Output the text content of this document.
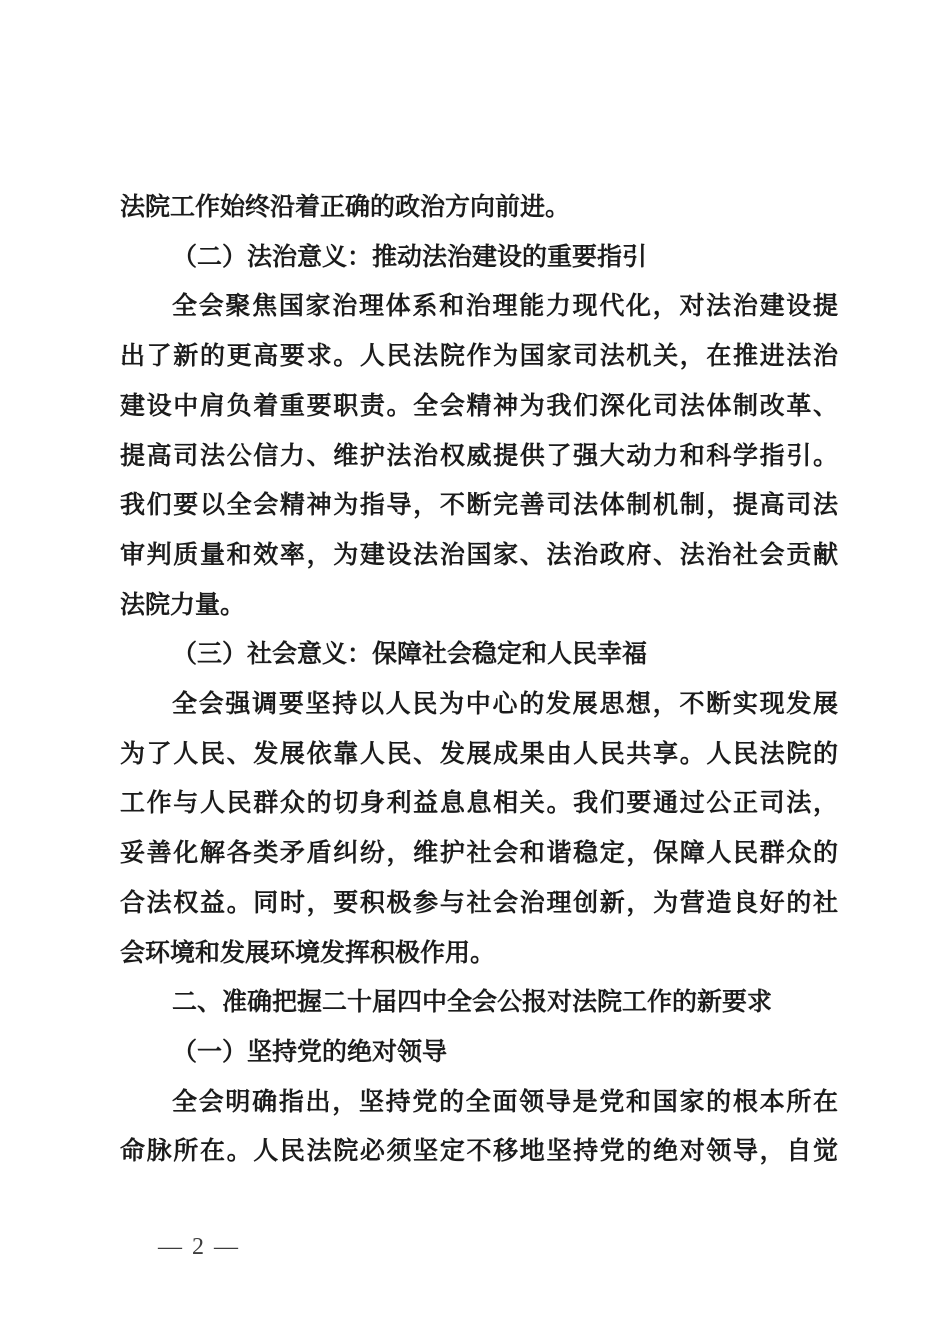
法院工作始终沿着正确的政治方向前进。
（二）法治意义：推动法治建设的重要指引
全会聚焦国家治理体系和治理能力现代化，对法治建设提
出了新的更高要求。人民法院作为国家司法机关，在推进法治
建设中肩负着重要职责。全会精神为我们深化司法体制改革、
提高司法公信力、维护法治权威提供了强大动力和科学指引。
我们要以全会精神为指导，不断完善司法体制机制，提高司法
审判质量和效率，为建设法治国家、法治政府、法治社会贡献
法院力量。
（三）社会意义：保障社会稳定和人民幸福
全会强调要坚持以人民为中心的发展思想，不断实现发展
为了人民、发展依靠人民、发展成果由人民共享。人民法院的
工作与人民群众的切身利益息息相关。我们要通过公正司法，
妥善化解各类矛盾纠纷，维护社会和谐稳定，保障人民群众的
合法权益。同时，要积极参与社会治理创新，为营造良好的社
会环境和发展环境发挥积极作用。
二、准确把握二十届四中全会公报对法院工作的新要求
（一）坚持党的绝对领导
全会明确指出，坚持党的全面领导是党和国家的根本所在
命脉所在。人民法院必须坚定不移地坚持党的绝对领导，自觉
— 2 —
